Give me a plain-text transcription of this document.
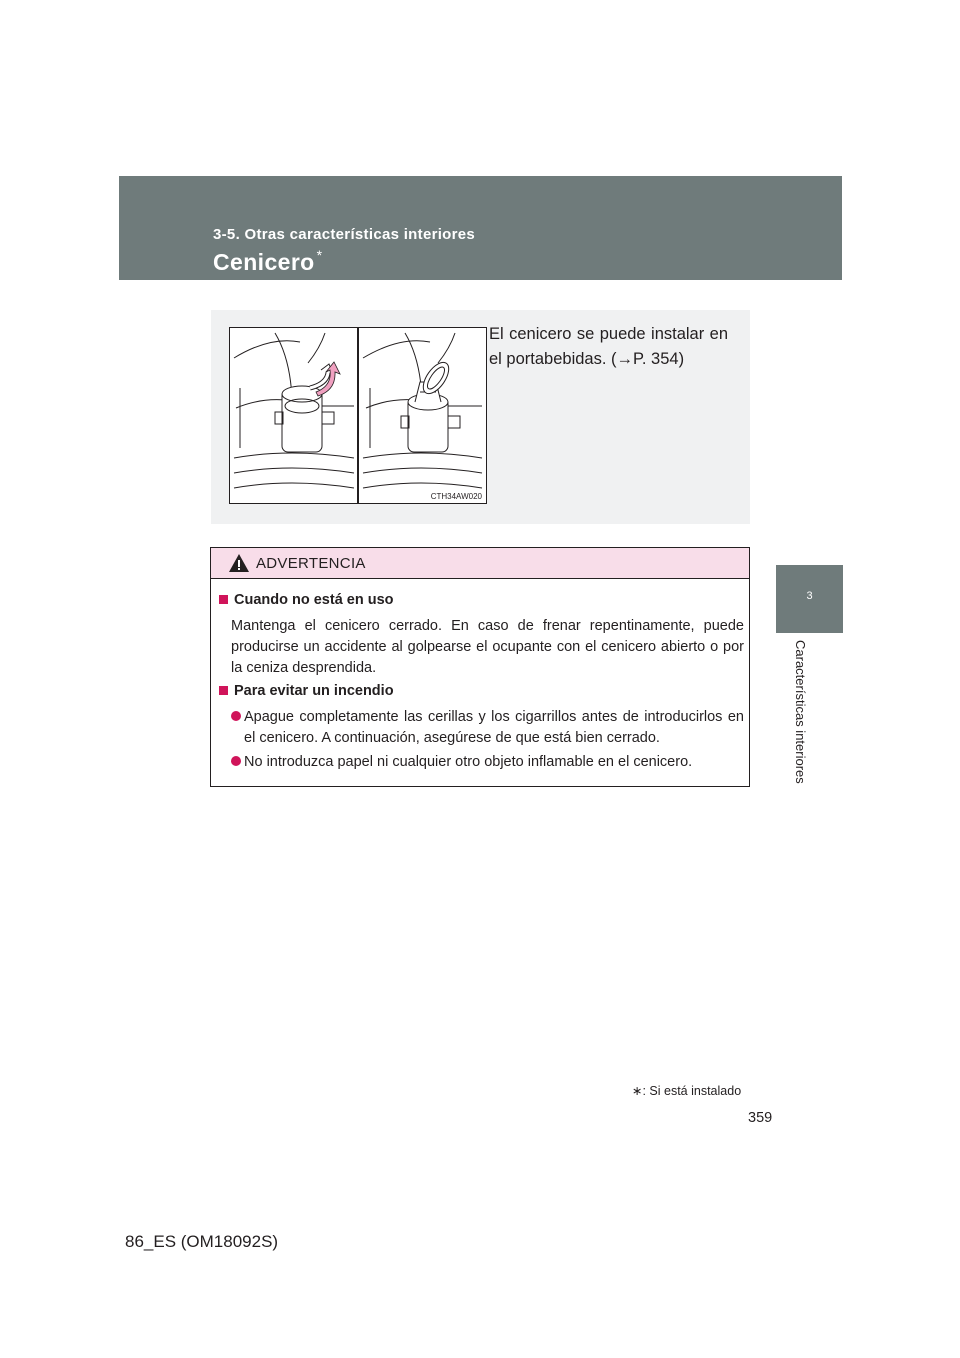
3-5. Otras características interiores
Cenicero *
3
Características interiores
CTH34AW020
El cenicero se puede instalar en el portabebidas. (→P. 354)
ADVERTENCIA
Cuando no está en uso
Mantenga el cenicero cerrado. En caso de frenar repentinamente, puede producirse un accidente al golpearse el ocupante con el cenicero abierto o por la ceniza desprendida.
Para evitar un incendio
Apague completamente las cerillas y los cigarrillos antes de introducirlos en el cenicero. A continuación, asegúrese de que está bien cerrado.
No introduzca papel ni cualquier otro objeto inflamable en el cenicero.
∗: Si está instalado
359
86_ES (OM18092S)
